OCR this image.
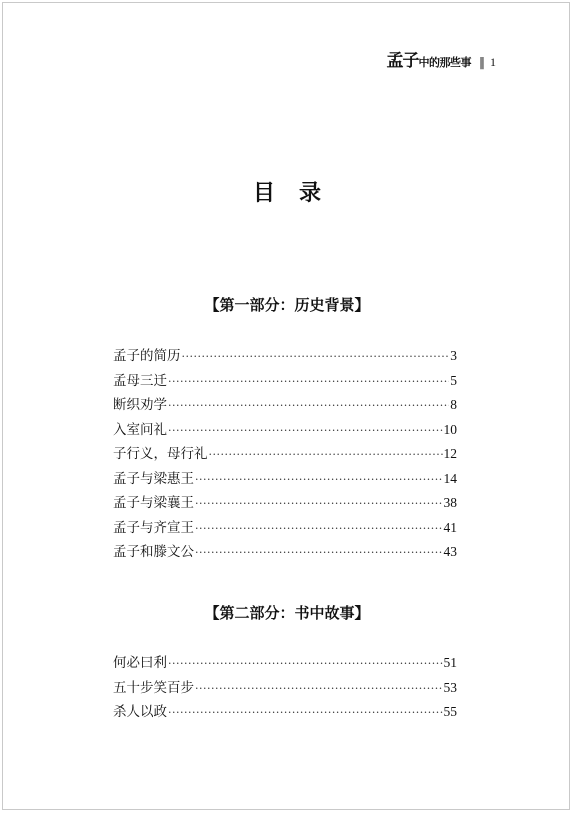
孟子 中的那些事 ‖ 1
目录
【第一部分：历史背景】
孟子的简历 ·····	3
孟母三迁 ·····	5
断织劝学 ·····	8
入室问礼 ·····	10
子行义，母行礼 ·····	12
孟子与梁惠王 ·····	14
孟子与梁襄王 ·····	38
孟子与齐宣王 ·····	41
孟子和滕文公 ·····	43
【第二部分：书中故事】
何必曰利 ·····	51
五十步笑百步 ·····	53
杀人以政 ·····	55
